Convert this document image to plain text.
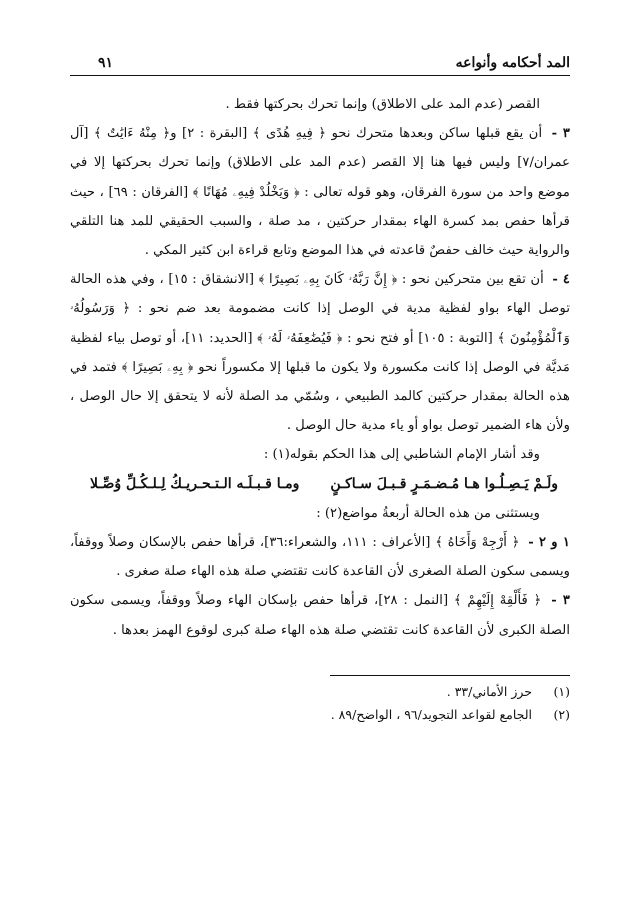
المد أحكامه وأنواعه
٩١

القصر (عدم المد على الاطلاق) وإنما تحرك بحركتها فقط .

٣ - أن يقع قبلها ساكن وبعدها متحرك نحو ﴿ فِيهِ هُدًى ﴾ [البقرة : ٢] و﴿ مِنْهُ ءَايَٰتٌ ﴾ [آل عمران/٧] وليس فيها هنا إلا القصر (عدم المد على الاطلاق) وإنما تحرك بحركتها إلا في موضع واحد من سورة الفرقان، وهو قوله تعالى : ﴿ وَيَخْلُدْ فِيهِۦ مُهَانًا ﴾ [الفرقان : ٦٩] ، حيث قرأها حفص بمد كسرة الهاء بمقدار حركتين ، مد صلة ، والسبب الحقيقي للمد هنا التلقي والرواية حيث خالف حفصٌ قاعدته في هذا الموضع وتابع قراءة ابن كثير المكي .

٤ - أن تقع بين متحركين نحو : ﴿ إِنَّ رَبَّهُۥ كَانَ بِهِۦ بَصِيرًا ﴾ [الانشقاق : ١٥] ، وفي هذه الحالة توصل الهاء بواو لفظية مدية في الوصل إذا كانت مضمومة بعد ضم نحو : ﴿ وَرَسُولُهُۥ وَٱلْمُؤْمِنُونَ ﴾ [التوبة : ١٠٥] أو فتح نحو : ﴿ فَيُضَٰعِفَهُۥ لَهُۥ ﴾ [الحديد: ١١]، أو توصل بياء لفظية مَديَّة في الوصل إذا كانت مكسورة ولا يكون ما قبلها إلا مكسوراً نحو ﴿ بِهِۦ بَصِيرًا ﴾ فتمد في هذه الحالة بمقدار حركتين كالمد الطبيعي ، وسُمّي مد الصلة لأنه لا يتحقق إلا حال الوصل ، ولأن هاء الضمير توصل بواو أو ياء مدية حال الوصل .

وقد أشار الإمام الشاطبي إلى هذا الحكم بقوله(١) :

ولَـمْ يَـصِـلُـوا هـا مُـضـمَـرٍ قـبـلَ سـاكـنٍ
ومـا قـبـلَـه الـتـحـريـكُ لِـلـكُـلِّ وُصِّـلا

ويستثنى من هذه الحالة أربعةُ مواضع(٢) :

١ و ٢ - ﴿ أَرْجِهْ وَأَخَاهُ ﴾ [الأعراف : ١١١، والشعراء:٣٦]، قرأها حفص بالإسكان وصلاً ووقفاً، ويسمى سكون الصلة الصغرى لأن القاعدة كانت تقتضي صلة هذه الهاء صلة صغرى .

٣ - ﴿ فَأَلْقِهْ إِلَيْهِمْ ﴾ [النمل : ٢٨]، قرأها حفص بإسكان الهاء وصلاً ووقفاً، ويسمى سكون الصلة الكبرى لأن القاعدة كانت تقتضي صلة هذه الهاء صلة كبرى لوقوع الهمز بعدها .

(١) حرز الأماني/٣٣ .

(٢) الجامع لقواعد التجويد/٩٦ ، الواضح/٨٩ .
